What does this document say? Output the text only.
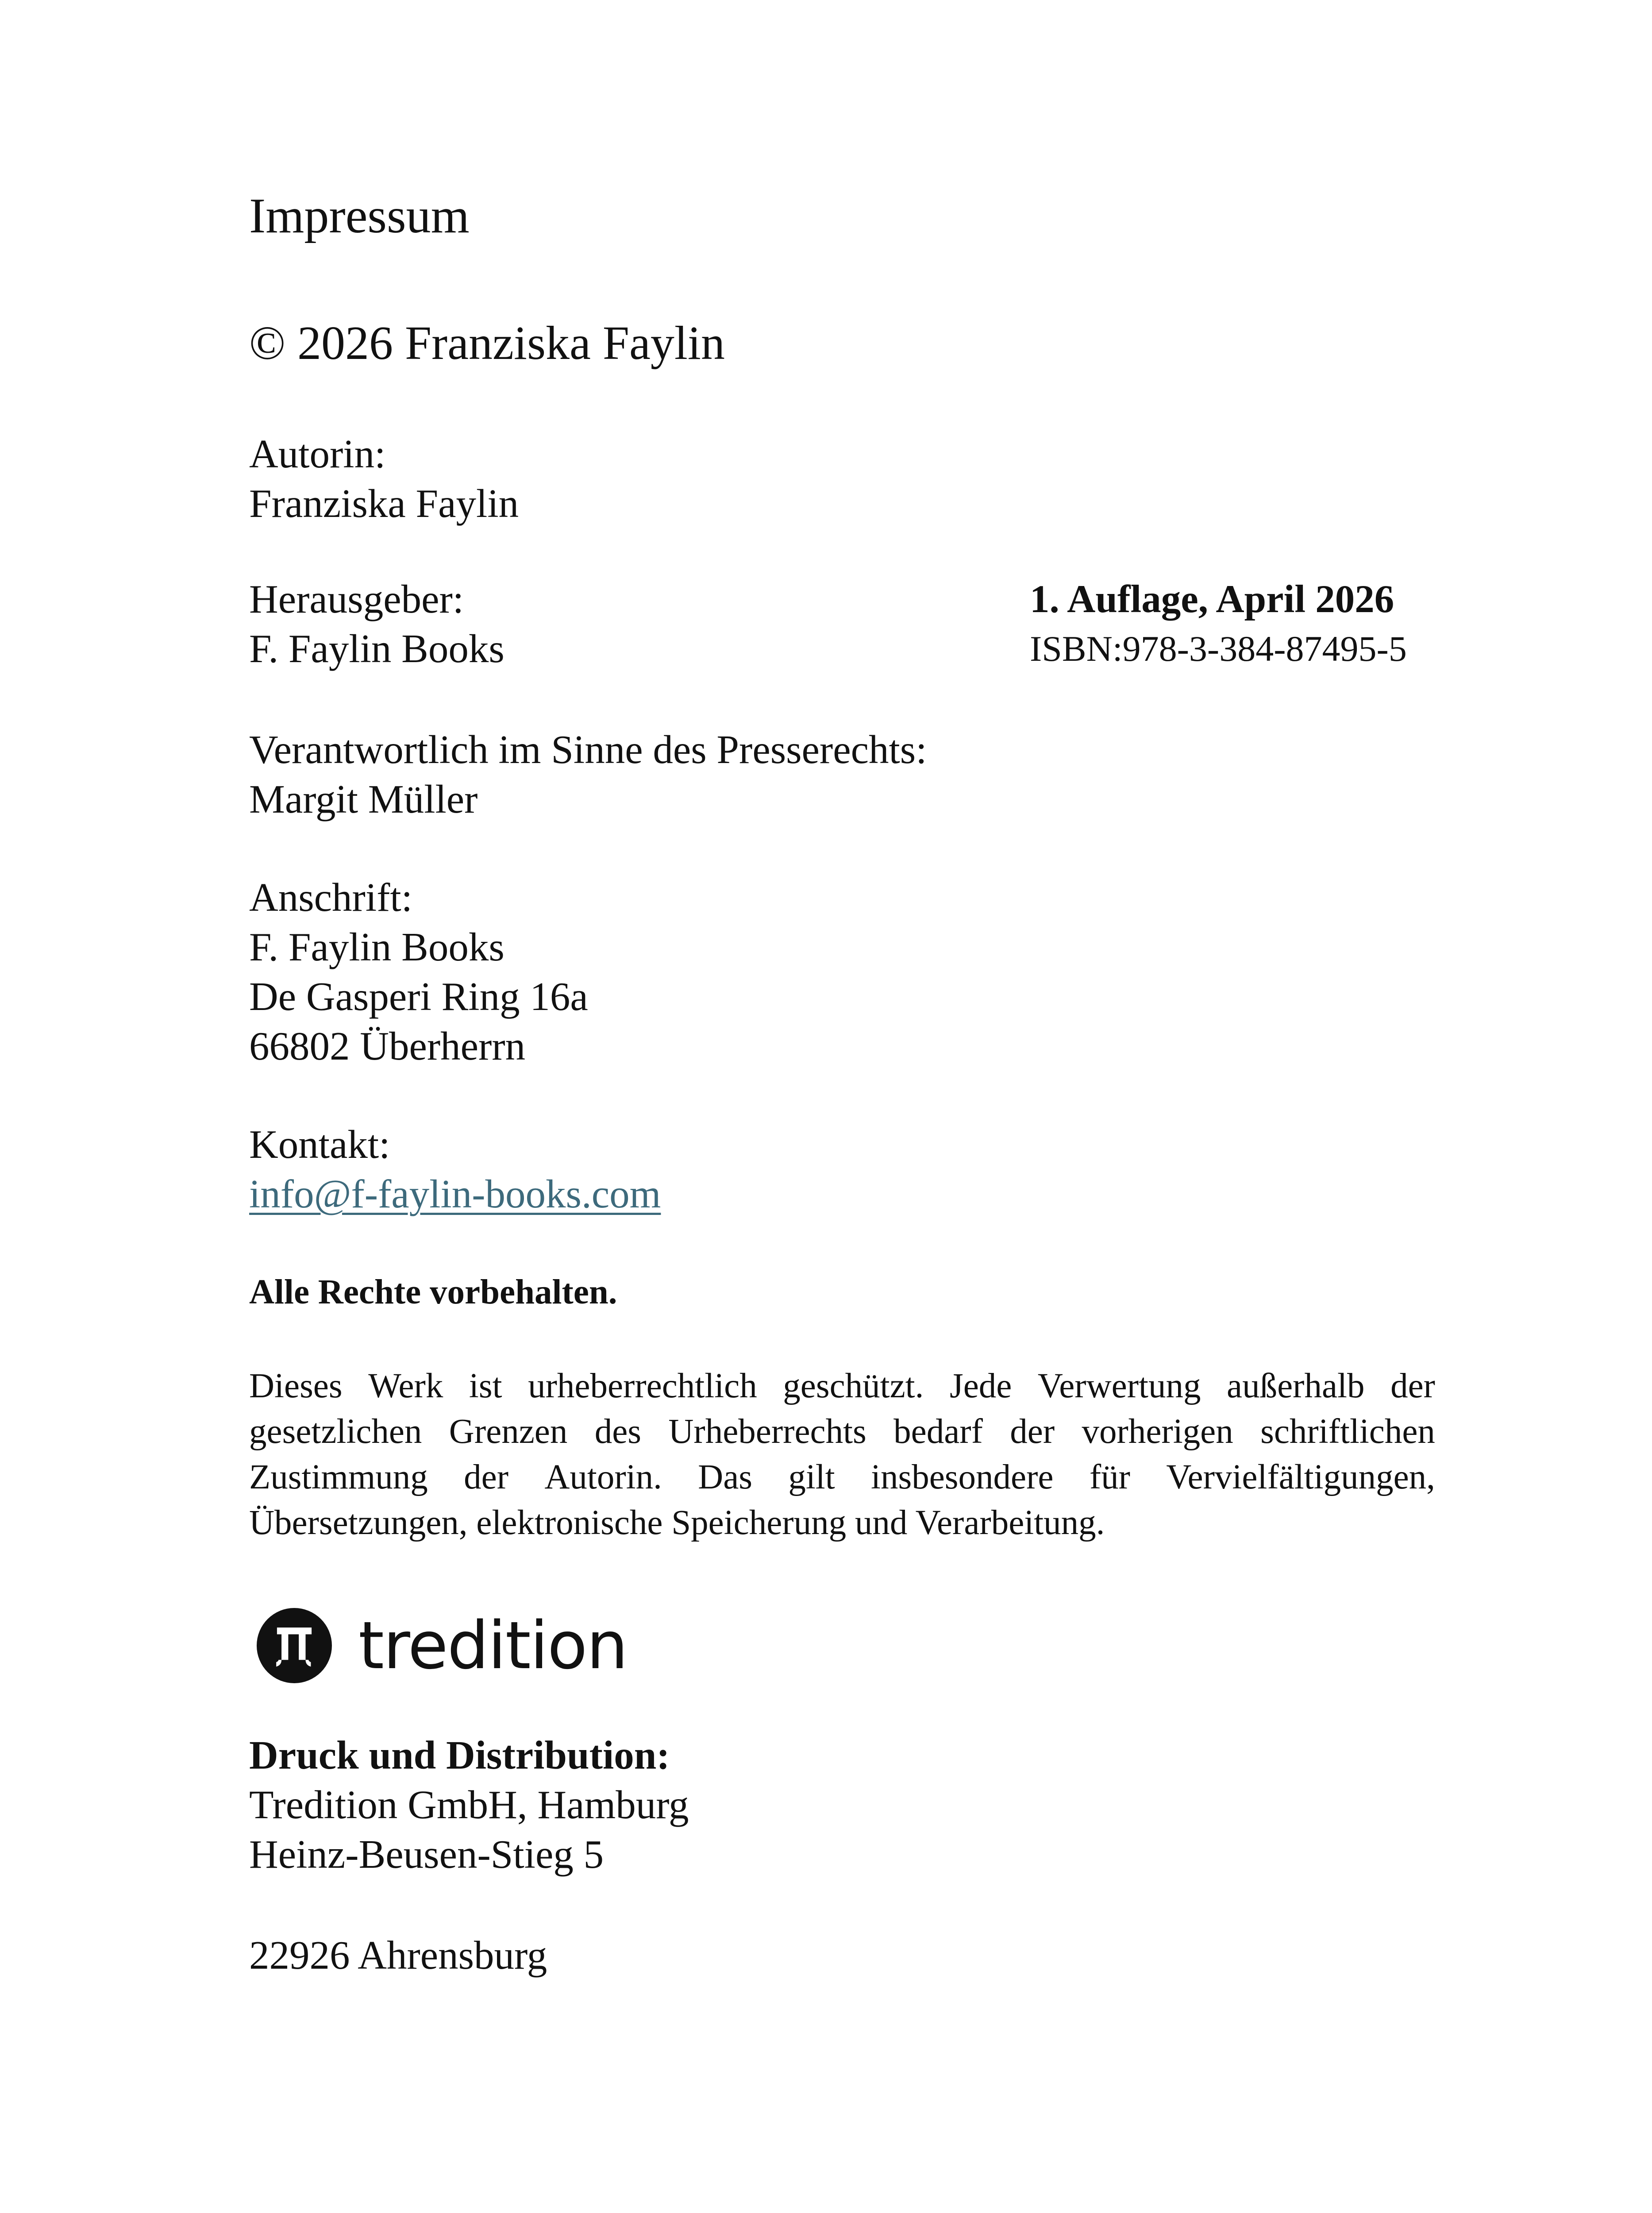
Impressum
© 2026 Franziska Faylin
Autorin:
Franziska Faylin
Herausgeber:
F. Faylin Books
1. Auflage, April 2026
ISBN:978-3-384-87495-5
Verantwortlich im Sinne des Presserechts:
Margit Müller
Anschrift:
F. Faylin Books
De Gasperi Ring 16a
66802 Überherrn
Kontakt:
info@f-faylin-books.com
Alle Rechte vorbehalten.
Dieses Werk ist urheberrechtlich geschützt. Jede Verwertung außerhalb der
gesetzlichen Grenzen des Urheberrechts bedarf der vorherigen schriftlichen
Zustimmung der Autorin. Das gilt insbesondere für Vervielfältigungen,
Übersetzungen, elektronische Speicherung und Verarbeitung.
tredition
Druck und Distribution:
Tredition GmbH, Hamburg
Heinz-Beusen-Stieg 5
22926 Ahrensburg
